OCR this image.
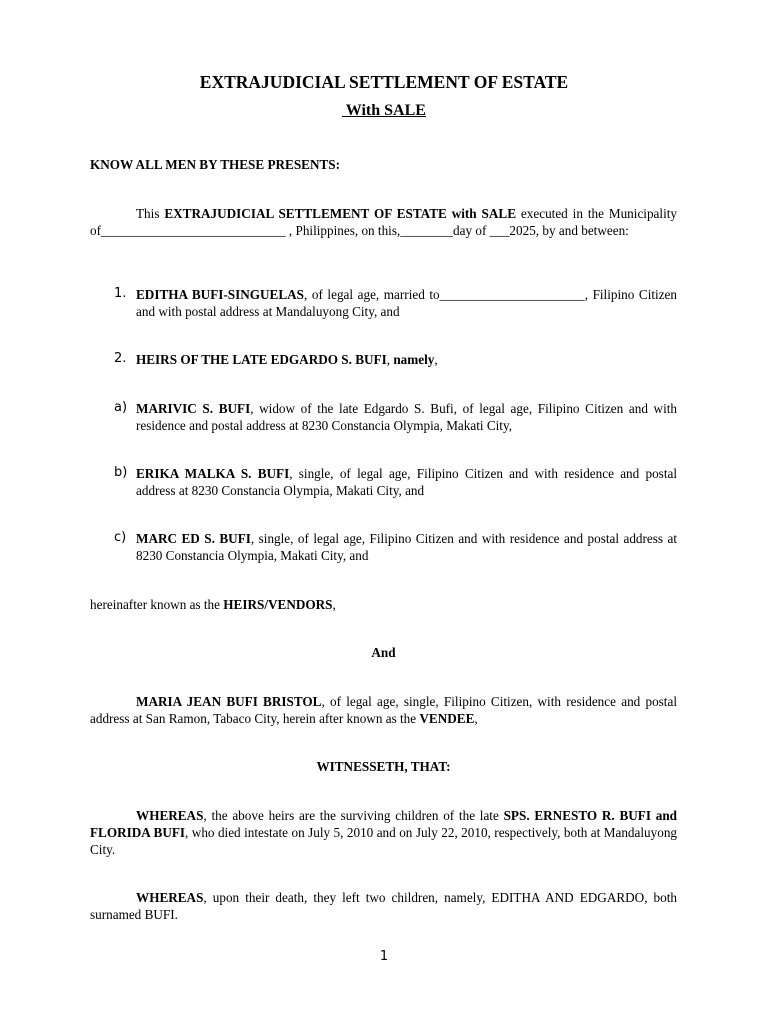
EXTRAJUDICIAL SETTLEMENT OF ESTATE
With SALE
KNOW ALL MEN BY THESE PRESENTS:

This EXTRAJUDICIAL SETTLEMENT OF ESTATE with SALE executed in the Municipality of____________________________ , Philippines, on this,________day of ___2025, by and between:

1. EDITHA BUFI-SINGUELAS, of legal age, married to______________________, Filipino Citizen and with postal address at Mandaluyong City, and

2. HEIRS OF THE LATE EDGARDO S. BUFI, namely,

a) MARIVIC S. BUFI, widow of the late Edgardo S. Bufi, of legal age, Filipino Citizen and with residence and postal address at 8230 Constancia Olympia, Makati City,

b) ERIKA MALKA S. BUFI, single, of legal age, Filipino Citizen and with residence and postal address at 8230 Constancia Olympia, Makati City, and

c) MARC ED S. BUFI, single, of legal age, Filipino Citizen and with residence and postal address at 8230 Constancia Olympia, Makati City, and

hereinafter known as the HEIRS/VENDORS,

And

MARIA JEAN BUFI BRISTOL, of legal age, single, Filipino Citizen, with residence and postal address at San Ramon, Tabaco City, herein after known as the VENDEE,

WITNESSETH, THAT:

WHEREAS, the above heirs are the surviving children of the late SPS. ERNESTO R. BUFI and FLORIDA BUFI, who died intestate on July 5, 2010 and on July 22, 2010, respectively, both at Mandaluyong City.

WHEREAS, upon their death, they left two children, namely, EDITHA AND EDGARDO, both surnamed BUFI.

1
